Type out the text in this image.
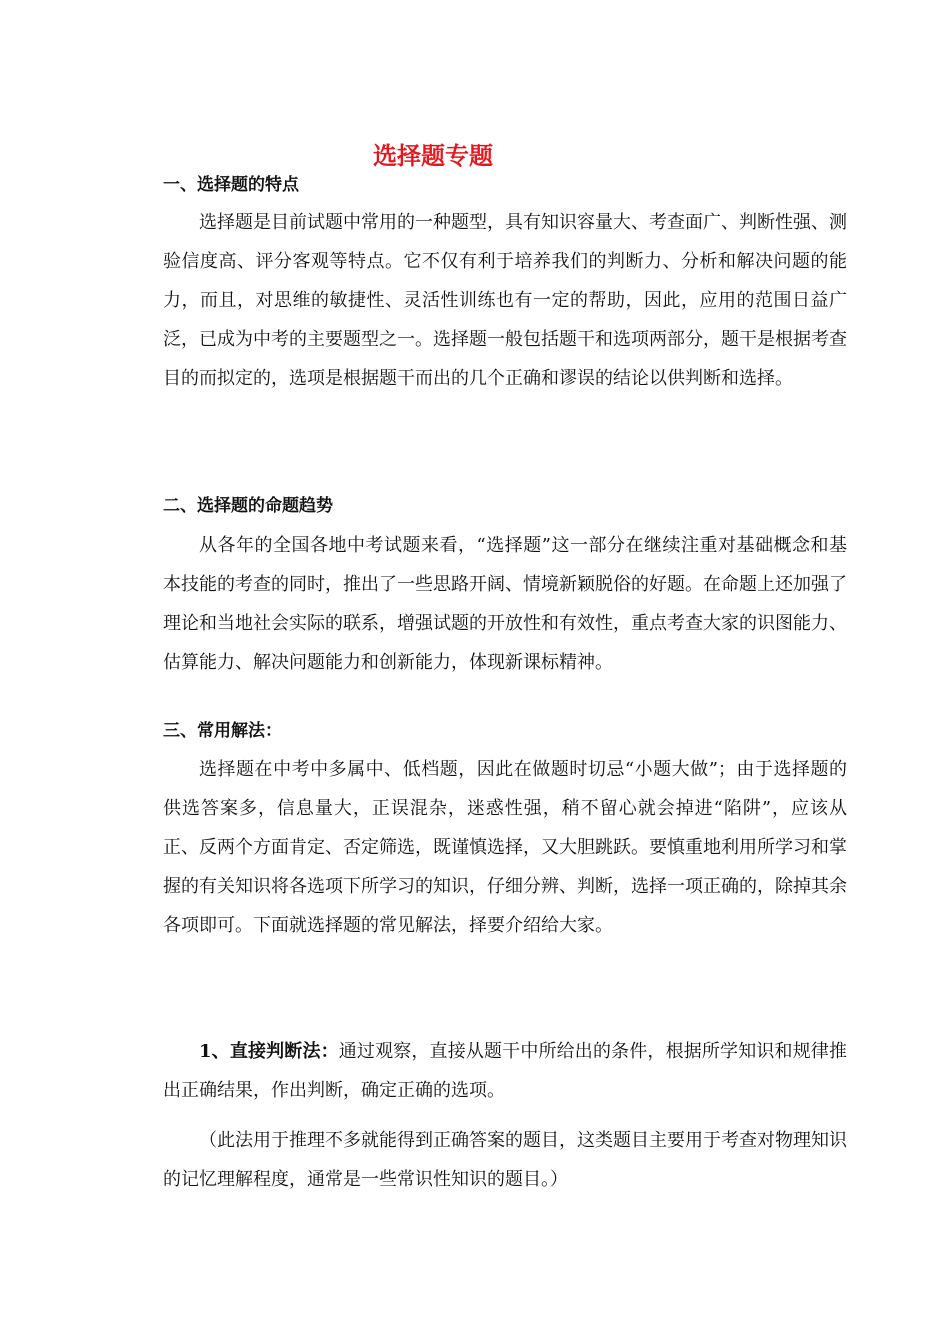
选择题专题
一、选择题的特点
选择题是目前试题中常用的一种题型，具有知识容量大、考查面广、判断性强、测验信度高、评分客观等特点。它不仅有利于培养我们的判断力、分析和解决问题的能力，而且，对思维的敏捷性、灵活性训练也有一定的帮助，因此，应用的范围日益广泛，已成为中考的主要题型之一。选择题一般包括题干和选项两部分，题干是根据考查目的而拟定的，选项是根据题干而出的几个正确和谬误的结论以供判断和选择。
二、选择题的命题趋势
从各年的全国各地中考试题来看，“选择题”这一部分在继续注重对基础概念和基本技能的考查的同时，推出了一些思路开阔、情境新颖脱俗的好题。在命题上还加强了理论和当地社会实际的联系，增强试题的开放性和有效性，重点考查大家的识图能力、估算能力、解决问题能力和创新能力，体现新课标精神。
三、常用解法：
选择题在中考中多属中、低档题，因此在做题时切忌“小题大做”；由于选择题的供选答案多，信息量大，正误混杂，迷惑性强，稍不留心就会掉进“陷阱”，应该从正、反两个方面肯定、否定筛选，既谨慎选择，又大胆跳跃。要慎重地利用所学习和掌握的有关知识将各选项下所学习的知识，仔细分辨、判断，选择一项正确的，除掉其余各项即可。下面就选择题的常见解法，择要介绍给大家。
1、直接判断法：通过观察，直接从题干中所给出的条件，根据所学知识和规律推出正确结果，作出判断，确定正确的选项。
（此法用于推理不多就能得到正确答案的题目，这类题目主要用于考查对物理知识的记忆理解程度，通常是一些常识性知识的题目。）
